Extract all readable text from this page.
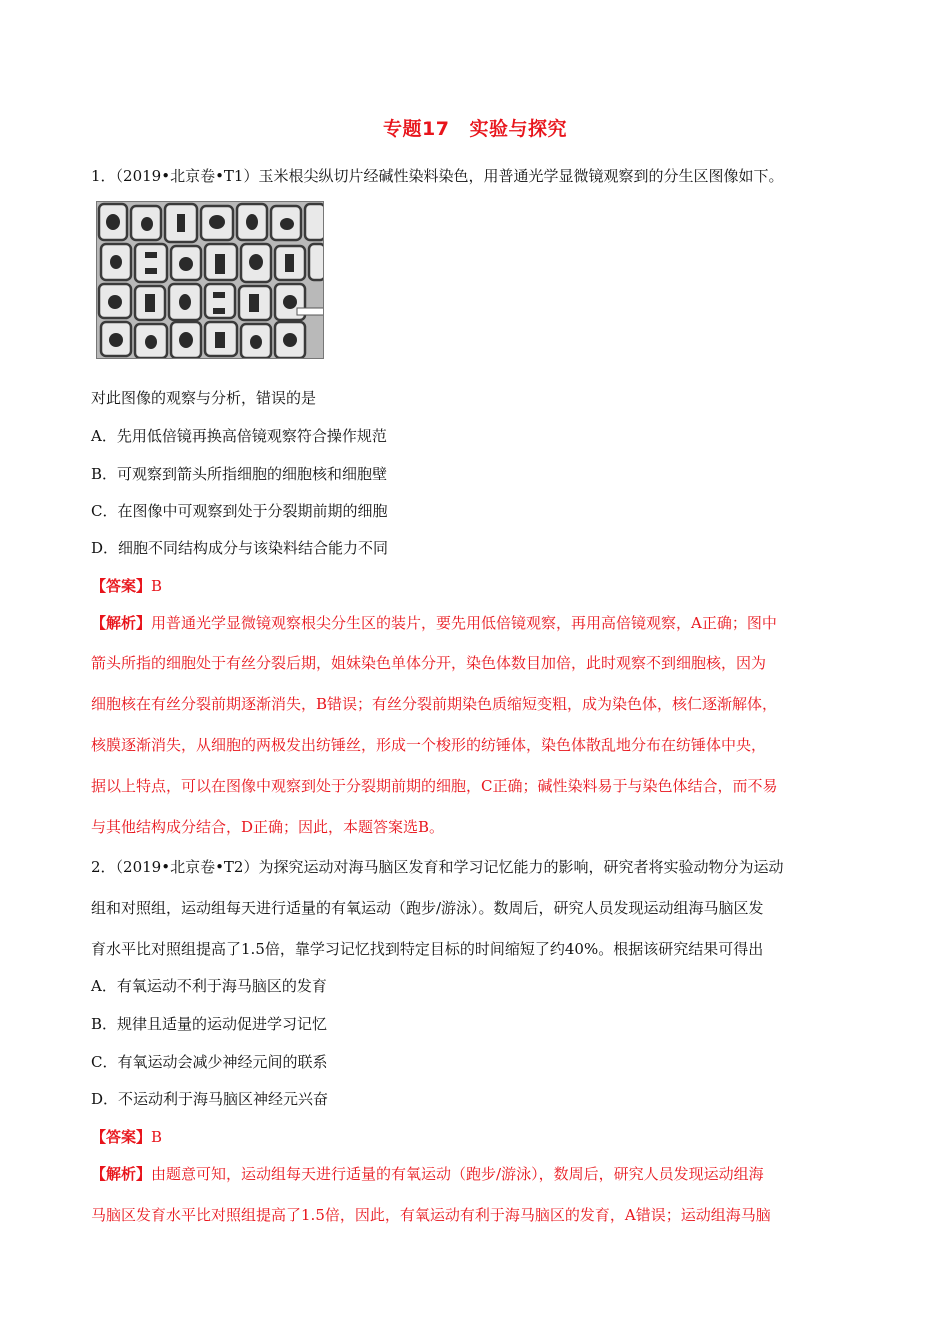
专题17 实验与探究
1．（2019•北京卷•T1）玉米根尖纵切片经碱性染料染色，用普通光学显微镜观察到的分生区图像如下。
对此图像的观察与分析，错误的是
A．先用低倍镜再换高倍镜观察符合操作规范
B．可观察到箭头所指细胞的细胞核和细胞壁
C．在图像中可观察到处于分裂期前期的细胞
D．细胞不同结构成分与该染料结合能力不同
【答案】B
【解析】用普通光学显微镜观察根尖分生区的装片，要先用低倍镜观察，再用高倍镜观察，A正确；图中
箭头所指的细胞处于有丝分裂后期，姐妹染色单体分开，染色体数目加倍，此时观察不到细胞核，因为
细胞核在有丝分裂前期逐渐消失，B错误；有丝分裂前期染色质缩短变粗，成为染色体，核仁逐渐解体，
核膜逐渐消失，从细胞的两极发出纺锤丝，形成一个梭形的纺锤体，染色体散乱地分布在纺锤体中央，
据以上特点，可以在图像中观察到处于分裂期前期的细胞，C正确；碱性染料易于与染色体结合，而不易
与其他结构成分结合，D正确；因此，本题答案选B。
2．（2019•北京卷•T2）为探究运动对海马脑区发育和学习记忆能力的影响，研究者将实验动物分为运动
组和对照组，运动组每天进行适量的有氧运动（跑步/游泳）。数周后，研究人员发现运动组海马脑区发
育水平比对照组提高了1.5倍，靠学习记忆找到特定目标的时间缩短了约40%。根据该研究结果可得出
A．有氧运动不利于海马脑区的发育
B．规律且适量的运动促进学习记忆
C．有氧运动会减少神经元间的联系
D．不运动利于海马脑区神经元兴奋
【答案】B
【解析】由题意可知，运动组每天进行适量的有氧运动（跑步/游泳），数周后，研究人员发现运动组海
马脑区发育水平比对照组提高了1.5倍，因此，有氧运动有利于海马脑区的发育，A错误；运动组海马脑
